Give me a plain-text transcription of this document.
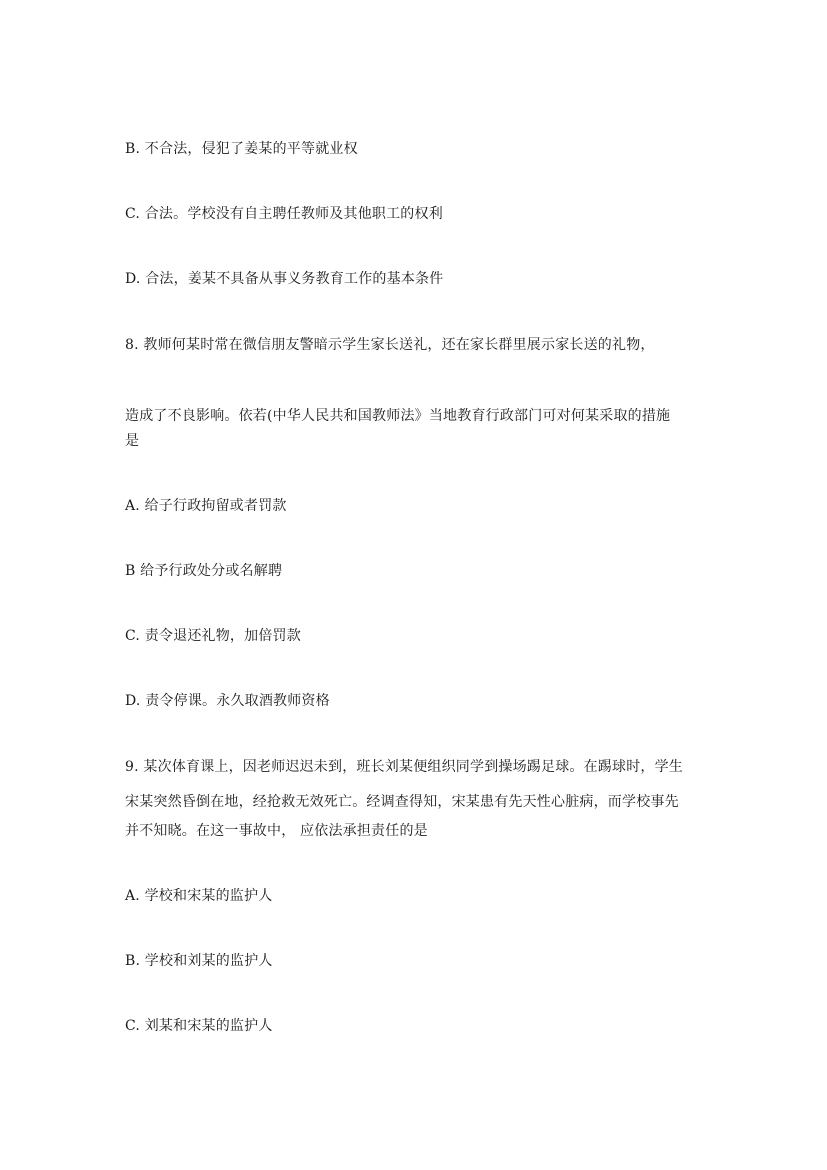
B. 不合法，侵犯了姜某的平等就业权
C. 合法。学校没有自主聘任教师及其他职工的权利
D. 合法，姜某不具备从事义务教育工作的基本条件
8. 教师何某时常在微信朋友警暗示学生家长送礼，还在家长群里展示家长送的礼物，
造成了不良影响。依若(中华人民共和国教师法》当地教育行政部门可对何某采取的措施
是
A. 给子行政拘留或者罚款
B 给予行政处分或名解聘
C. 责令退还礼物，加倍罚款
D. 责令停课。永久取酒教师资格
9. 某次体育课上，因老师迟迟未到，班长刘某便组织同学到操场踢足球。在踢球时，学生
宋某突然昏倒在地，经抢救无效死亡。经调查得知，宋某患有先天性心脏病，而学校事先
并不知晓。在这一事故中， 应依法承担责任的是
A. 学校和宋某的监护人
B. 学校和刘某的监护人
C. 刘某和宋某的监护人
